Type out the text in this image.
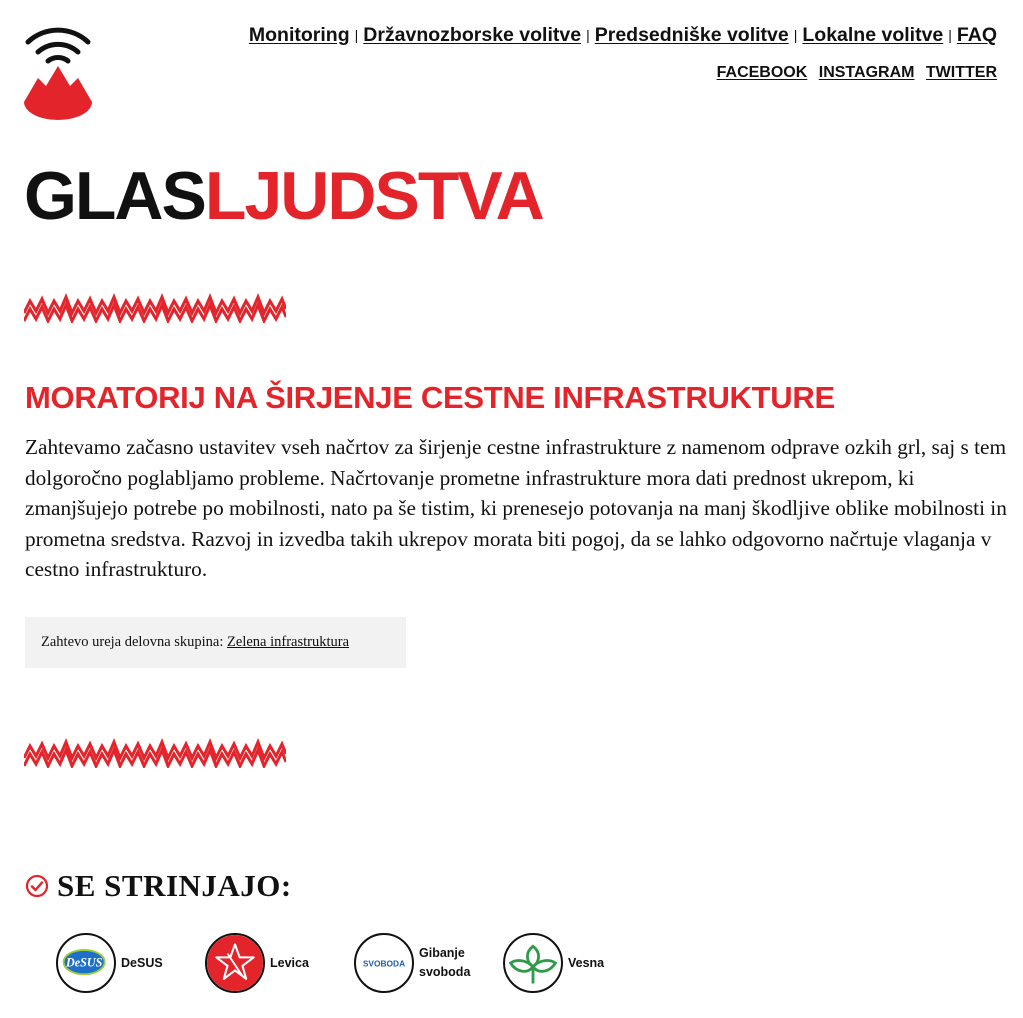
Monitoring | Državnozborske volitve | Predsedniške volitve | Lokalne volitve | FAQ
FACEBOOK INSTAGRAM TWITTER
GLASLJUDSTVA
MORATORIJ NA ŠIRJENJE CESTNE INFRASTRUKTURE

Zahtevamo začasno ustavitev vseh načrtov za širjenje cestne infrastrukture z namenom odprave ozkih grl, saj s tem dolgoročno poglabljamo probleme. Načrtovanje prometne infrastrukture mora dati prednost ukrepom, ki zmanjšujejo potrebe po mobilnosti, nato pa še tistim, ki prenesejo potovanja na manj škodljive oblike mobilnosti in prometna sredstva. Razvoj in izvedba takih ukrepov morata biti pogoj, da se lahko odgovorno načrtuje vlaganja v cestno infrastrukturo.

Zahtevo ureja delovna skupina: Zelena infrastruktura
SE STRINJAJO:
DeSUS DeSUS	Levica	SVOBODA
Gibanje
svoboda
Vesna
